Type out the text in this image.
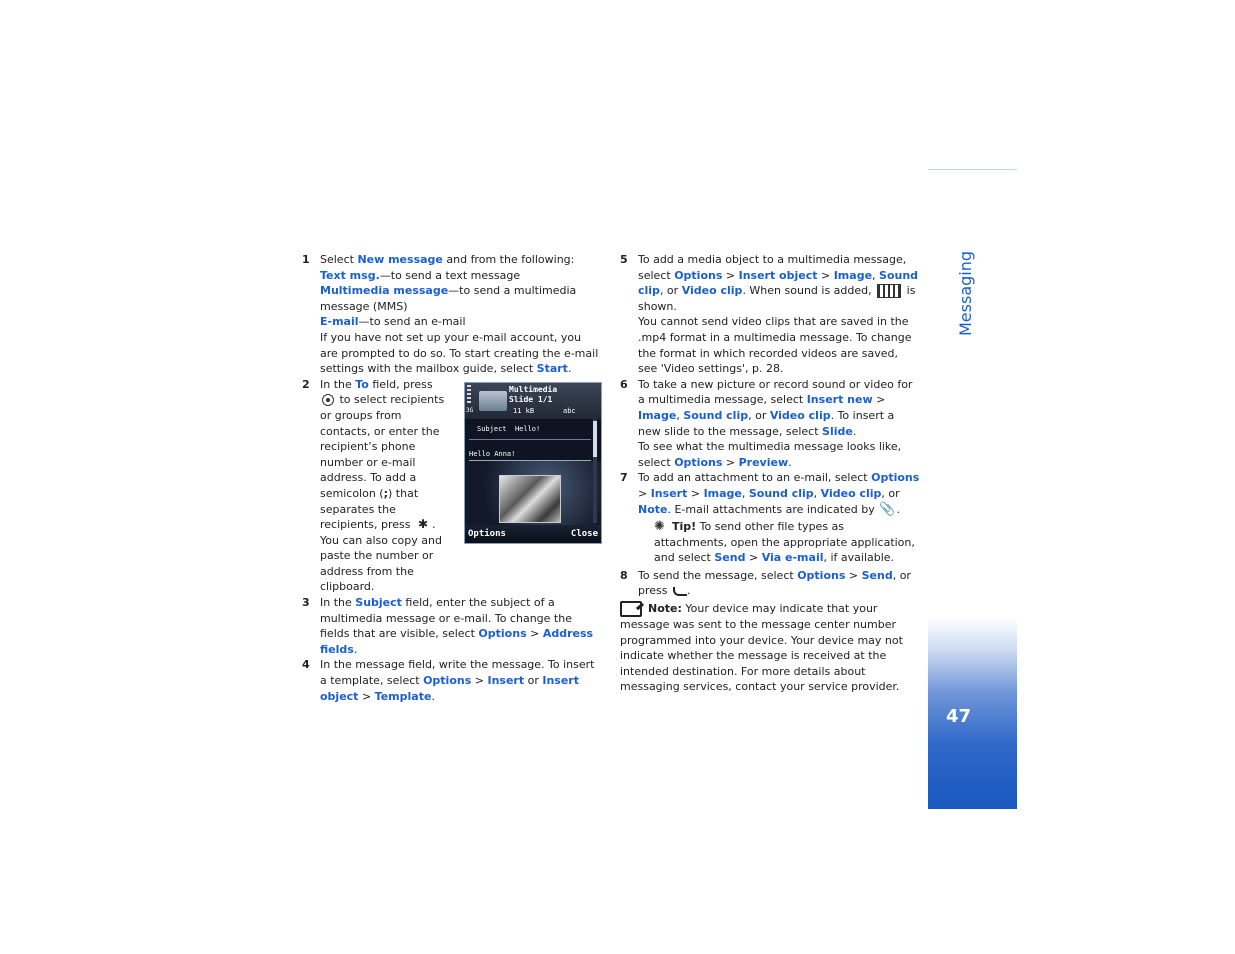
1 Select New message and from the following:
Text msg.—to send a text message
Multimedia message—to send a multimedia message (MMS)
E-mail—to send an e-mail
If you have not set up your e-mail account, you are prompted to do so. To start creating the e-mail settings with the mailbox guide, select Start.
2 In the To field, press  to select recipients or groups from contacts, or enter the recipient’s phone number or e-mail address. To add a semicolon (;) that separates the recipients, press ✱ . You can also copy and paste the number or address from the clipboard.
3 In the Subject field, enter the subject of a multimedia message or e-mail. To change the fields that are visible, select Options > Address fields.
4 In the message field, write the message. To insert a template, select Options > Insert or Insert object > Template.
Multimedia
Slide 1/1
11 kB
3G	abc
Subject Hello!
Hello Anna!
Options	Close
5 To add a media object to a multimedia message, select Options > Insert object > Image, Sound clip, or Video clip. When sound is added,	is shown.
You cannot send video clips that are saved in the .mp4 format in a multimedia message. To change the format in which recorded videos are saved, see 'Video settings', p. 28.
6 To take a new picture or record sound or video for a multimedia message, select Insert new > Image, Sound clip, or Video clip. To insert a new slide to the message, select Slide.
To see what the multimedia message looks like, select Options > Preview.
7 To add an attachment to an e-mail, select Options > Insert > Image, Sound clip, Video clip, or Note. E-mail attachments are indicated by 📎.
✺ Tip! To send other file types as attachments, open the appropriate application, and select Send > Via e-mail, if available.
8 To send the message, select Options > Send, or press .
Note: Your device may indicate that your message was sent to the message center number programmed into your device. Your device may not indicate whether the message is received at the intended destination. For more details about messaging services, contact your service provider.
Messaging
47
